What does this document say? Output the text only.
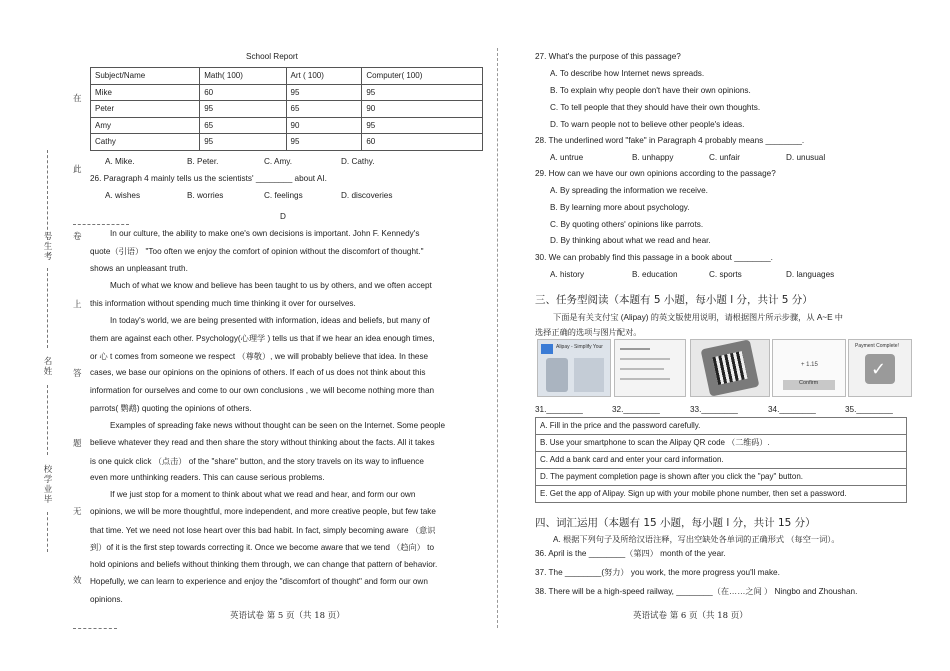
号生考
名姓
校学业毕
在
此
卷
上
答
题
无
效
School Report
Subject/Name	Math( 100)	Art ( 100)	Computer( 100)
Mike	60	95	95
Peter	95	65	90
Amy	65	90	95
Cathy	95	95	60
A. Mike.	B. Peter.	C. Amy.	D. Cathy.
26. Paragraph 4 mainly tells us the scientists' ________ about AI.
A. wishes	B. worries	C. feelings	D. discoveries
D
In our culture, the ability to make one's own decisions is important. John F. Kennedy's
quote（引语） "Too often we enjoy the comfort of opinion without the discomfort of thought."
shows an unpleasant truth.
Much of what we know and believe has been taught to us by others, and we often accept
this information without spending much time thinking it over for ourselves.
In today's world, we are being presented with information, ideas and beliefs, but many of
them are against each other. Psychology(心理学 ) tells us that if we hear an idea enough times,
or 心 t comes from someone we respect （尊敬）, we will probably believe that idea. In these
cases, we base our opinions on the opinions of others. If each of us does not think about this
information for ourselves and come to our own conclusions , we will become nothing more than
parrots( 鹦鹉) quoting the opinions of others.
Examples of spreading fake news without thought can be seen on the Internet. Some people
believe whatever they read and then share the story without thinking about the facts. All it takes
is one quick click （点击） of the "share" button, and the story travels on its way to influence
even more unthinking readers. This can cause serious problems.
If we just stop for a moment to think about what we read and hear, and form our own
opinions, we will be more thoughtful, more independent, and more creative people, but few take
that time. Yet we need not lose heart over this bad habit. In fact, simply becoming aware （意识
到）of it is the first step towards correcting it. Once we become aware that we tend （趋向） to
hold opinions and beliefs without thinking them through, we can change that pattern of behavior.
Hopefully, we can learn to experience and enjoy the "discomfort of thought" and form our own
opinions.
英语试卷 第 5 页（共 18 页）
27. What's the purpose of this passage?
A. To describe how Internet news spreads.
B. To explain why people don't have their own opinions.
C. To tell people that they should have their own thoughts.
D. To warn people not to believe other people's ideas.
28. The underlined word "fake" in Paragraph 4 probably means ________.
A. untrue	B. unhappy	C. unfair	D. unusual
29. How can we have our own opinions according to the passage?
A. By spreading the information we receive.
B. By learning more about psychology.
C. By quoting others' opinions like parrots.
D. By thinking about what we read and hear.
30. We can probably find this passage in a book about ________.
A. history	B. education	C. sports	D. languages
三、任务型阅读（本题有 5 小题，每小题 l 分，共计 5 分）
下面是有关支付宝 (Alipay) 的英文版使用说明，请根据图片所示步骤，从 A~E 中
选择正确的选项与图片配对。
Alipay - Simplify Your
+ 1.15
Confirm
Payment Complete!
✓
31.________	32.________	33.________	34.________	35.________
A. Fill in the price and the password carefully.
B. Use your smartphone to scan the Alipay QR code （二维码）.
C. Add a bank card and enter your card information.
D. The payment completion page is shown after you click the "pay" button.
E. Get the app of Alipay. Sign up with your mobile phone number, then set a password.
四、词汇运用（本题有 15 小题，每小题 l 分，共计 15 分）
A. 根据下列句子及所给汉语注释，写出空缺处各单词的正确形式 （每空一词）。
36. April is the ________（第四） month of the year.
37. The ________(努力） you work, the more progress you'll make.
38. There will be a high-speed railway, ________（在……之间 ） Ningbo and Zhoushan.
英语试卷 第 6 页（共 18 页）
